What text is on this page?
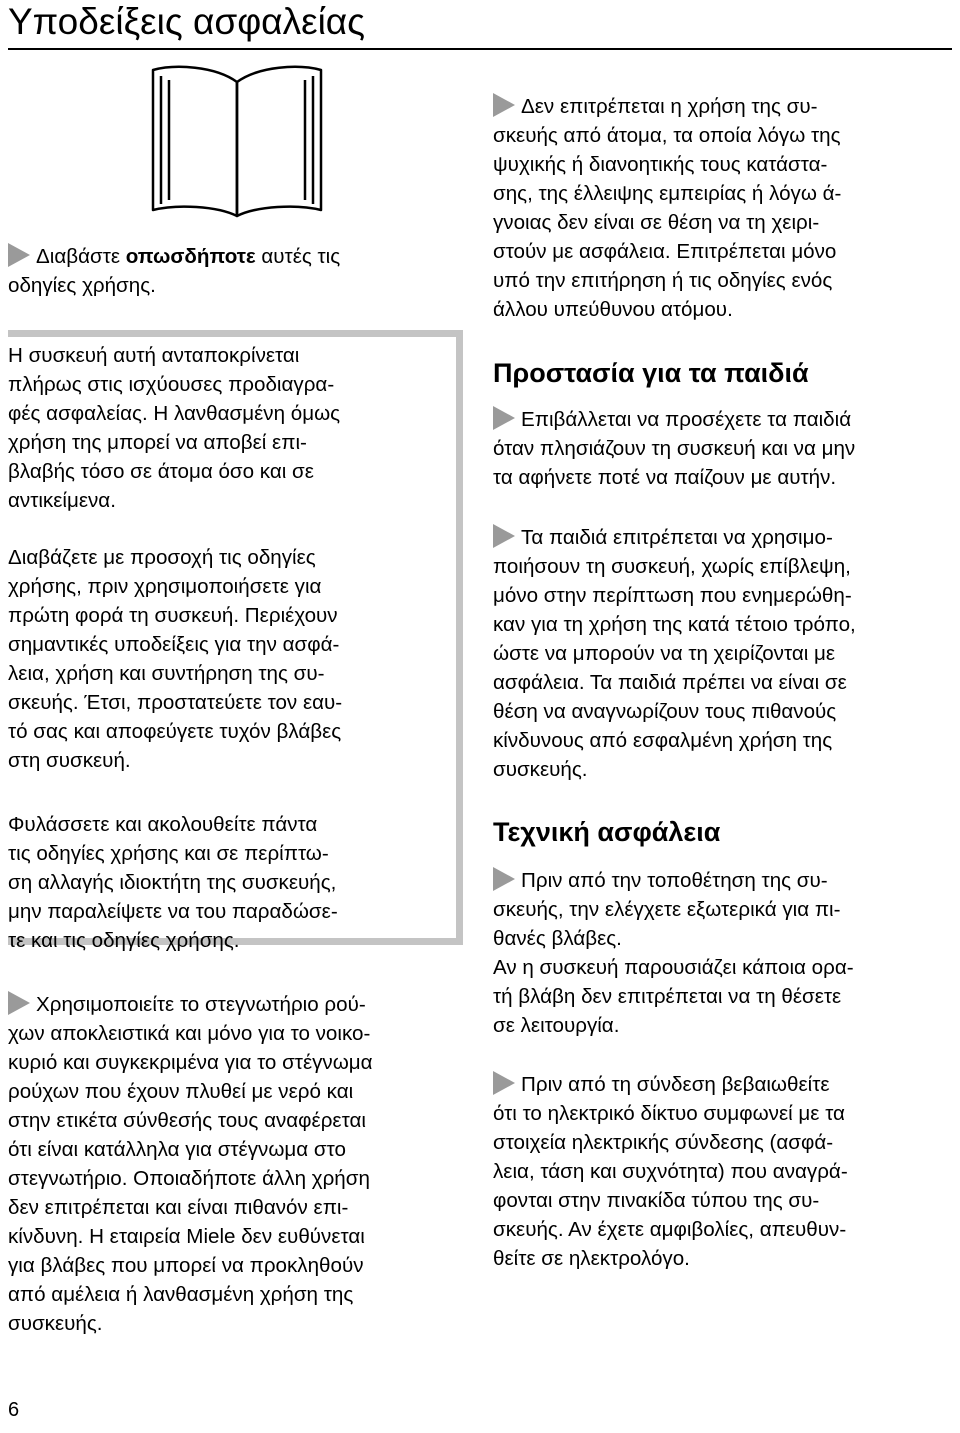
Υποδείξεις ασφαλείας
Διαβάστε οπωσδήποτε αυτές τις
οδηγίες χρήσης.
Η συσκευή αυτή ανταποκρίνεται
πλήρως στις ισχύουσες προδιαγρα-
φές ασφαλείας. Η λανθασμένη όμως
χρήση της μπορεί να αποβεί επι-
βλαβής τόσο σε άτομα όσο και σε
αντικείμενα.
Διαβάζετε με προσοχή τις οδηγίες
χρήσης, πριν χρησιμοποιήσετε για
πρώτη φορά τη συσκευή. Περιέχουν
σημαντικές υποδείξεις για την ασφά-
λεια, χρήση και συντήρηση της συ-
σκευής. Έτσι, προστατεύετε τον εαυ-
τό σας και αποφεύγετε τυχόν βλάβες
στη συσκευή.
Φυλάσσετε και ακολουθείτε πάντα
τις οδηγίες χρήσης και σε περίπτω-
ση αλλαγής ιδιοκτήτη της συσκευής,
μην παραλείψετε να του παραδώσε-
τε και τις οδηγίες χρήσης.
Χρησιμοποιείτε το στεγνωτήριο ρού-
χων αποκλειστικά και μόνο για το νοικο-
κυριό και συγκεκριμένα για το στέγνωμα
ρούχων που έχουν πλυθεί με νερό και
στην ετικέτα σύνθεσής τους αναφέρεται
ότι είναι κατάλληλα για στέγνωμα στο
στεγνωτήριο. Οποιαδήποτε άλλη χρήση
δεν επιτρέπεται και είναι πιθανόν επι-
κίνδυνη. Η εταιρεία Miele δεν ευθύνεται
για βλάβες που μπορεί να προκληθούν
από αμέλεια ή λανθασμένη χρήση της
συσκευής.
Δεν επιτρέπεται η χρήση της συ-
σκευής από άτομα, τα οποία λόγω της
ψυχικής ή διανοητικής τους κατάστα-
σης, της έλλειψης εμπειρίας ή λόγω ά-
γνοιας δεν είναι σε θέση να τη χειρι-
στούν με ασφάλεια. Επιτρέπεται μόνο
υπό την επιτήρηση ή τις οδηγίες ενός
άλλου υπεύθυνου ατόμου.
Προστασία για τα παιδιά
Επιβάλλεται να προσέχετε τα παιδιά
όταν πλησιάζουν τη συσκευή και να μην
τα αφήνετε ποτέ να παίζουν με αυτήν.
Τα παιδιά επιτρέπεται να χρησιμο-
ποιήσουν τη συσκευή, χωρίς επίβλεψη,
μόνο στην περίπτωση που ενημερώθη-
καν για τη χρήση της κατά τέτοιο τρόπο,
ώστε να μπορούν να τη χειρίζονται με
ασφάλεια. Τα παιδιά πρέπει να είναι σε
θέση να αναγνωρίζουν τους πιθανούς
κίνδυνους από εσφαλμένη χρήση της
συσκευής.
Τεχνική ασφάλεια
Πριν από την τοποθέτηση της συ-
σκευής, την ελέγχετε εξωτερικά για πι-
θανές βλάβες.
Αν η συσκευή παρουσιάζει κάποια ορα-
τή βλάβη δεν επιτρέπεται να τη θέσετε
σε λειτουργία.
Πριν από τη σύνδεση βεβαιωθείτε
ότι το ηλεκτρικό δίκτυο συμφωνεί με τα
στοιχεία ηλεκτρικής σύνδεσης (ασφά-
λεια, τάση και συχνότητα) που αναγρά-
φονται στην πινακίδα τύπου της συ-
σκευής. Αν έχετε αμφιβολίες, απευθυν-
θείτε σε ηλεκτρολόγο.
6
